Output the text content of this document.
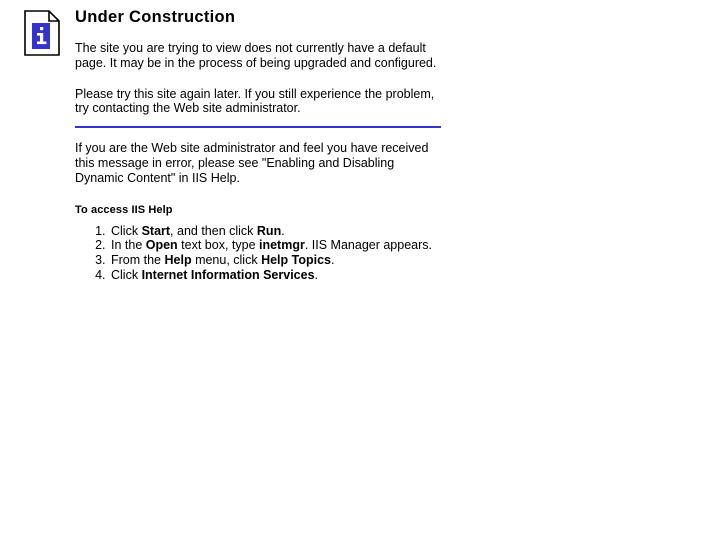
Under Construction

The site you are trying to view does not currently have a default page. It may be in the process of being upgraded and configured.

Please try this site again later. If you still experience the problem, try contacting the Web site administrator.

If you are the Web site administrator and feel you have received this message in error, please see "Enabling and Disabling Dynamic Content" in IIS Help.

To access IIS Help
1. Click Start, and then click Run.
2. In the Open text box, type inetmgr. IIS Manager appears.
3. From the Help menu, click Help Topics.
4. Click Internet Information Services.
